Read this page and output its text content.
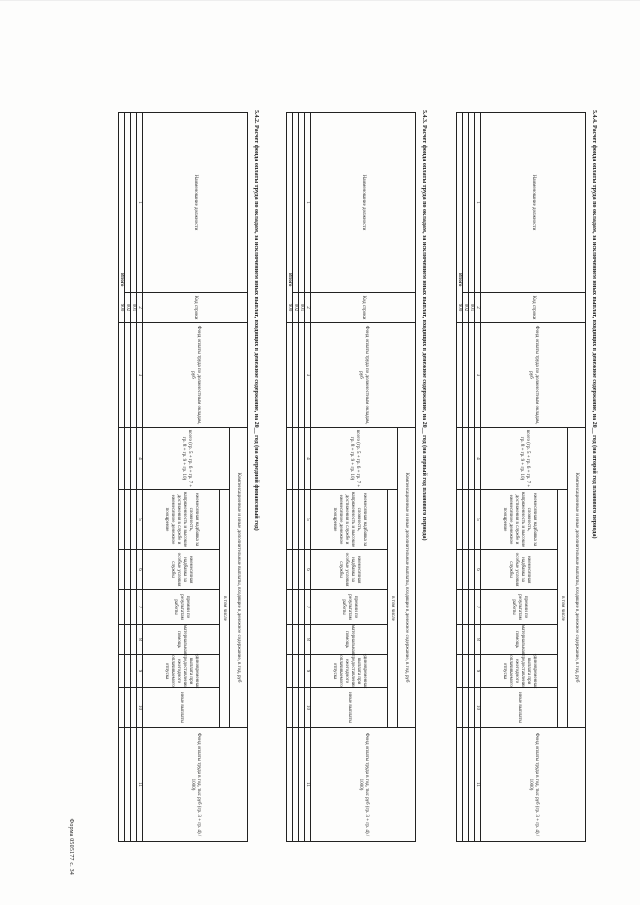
Форма 0505177 с. 34
5.4.2. Расчет фонда оплаты труда по окладам, за исключением иных выплат, входящих в денежное содержание, на 20__ год (на очередной финансовый год)
Наименование должности
Код строки
Фонд оплаты труда по должностным окладам, руб
Компенсационные и иные дополнительные выплаты, входящие в денежное содержание, в год, руб
всего (гр. 5 + гр. 6 + гр. 7 + гр. 8 + гр. 9 + гр. 10)
в том числе
ежемесячная надбавка за сложность, напряженность и высокие достижения в службе и ежемесячное денежное поощрение
ежемесячная надбавка за особые условия службы
премии по результатам работы
материальная помощь
единовременная выплата при предоставлении ежегодного оплачиваемого отпуска
иные выплаты
Фонд оплаты труда в год, тыс руб (гр. 3 + гр. 4) / 1000)
1
2
3
4
5
6
7
8
9
10
11
001
002
900
Итого	5.4.3. Расчет фонда оплаты труда по окладам, за исключением иных выплат, входящих в денежное содержание, на 20__ год (на первый год планового периода)
Наименование должности
Код строки
Фонд оплаты труда по должностным окладам, руб
Компенсационные и иные дополнительные выплаты, входящие в денежное содержание, в год, руб
всего (гр. 5 + гр. 6 + гр. 7 + гр. 8 + гр. 9 + гр. 10)
в том числе
ежемесячная надбавка за сложность, напряженность и высокие достижения в службе и ежемесячное денежное поощрение
ежемесячная надбавка за особые условия службы
премии по результатам работы
материальная помощь
единовременная выплата при предоставлении ежегодного оплачиваемого отпуска
иные выплаты
Фонд оплаты труда в год, тыс руб (гр. 3 + гр. 4) / 1000)
1
2
3
4
5
6
7
8
9
10
11
001
002
900
Итого	5.4.4. Расчет фонда оплаты труда по окладам, за исключением иных выплат, входящих в денежное содержание, на 20__ год (на второй год планового периода)
Наименование должности
Код строки
Фонд оплаты труда по должностным окладам, руб
Компенсационные и иные дополнительные выплаты, входящие в денежное содержание, в год, руб
всего (гр. 5 + гр. 6 + гр. 7 + гр. 8 + гр. 9 + гр. 10)
в том числе
ежемесячная надбавка за сложность, напряженность и высокие достижения в службе и ежемесячное денежное поощрение
ежемесячная надбавка за особые условия службы
премии по результатам работы
материальная помощь
единовременная выплата при предоставлении ежегодного оплачиваемого отпуска
иные выплаты
Фонд оплаты труда в год, тыс руб (гр. 3 + гр. 4) / 1000)
1
2
3
4
5
6
7
8
9
10
11
001
002
900
Итого
